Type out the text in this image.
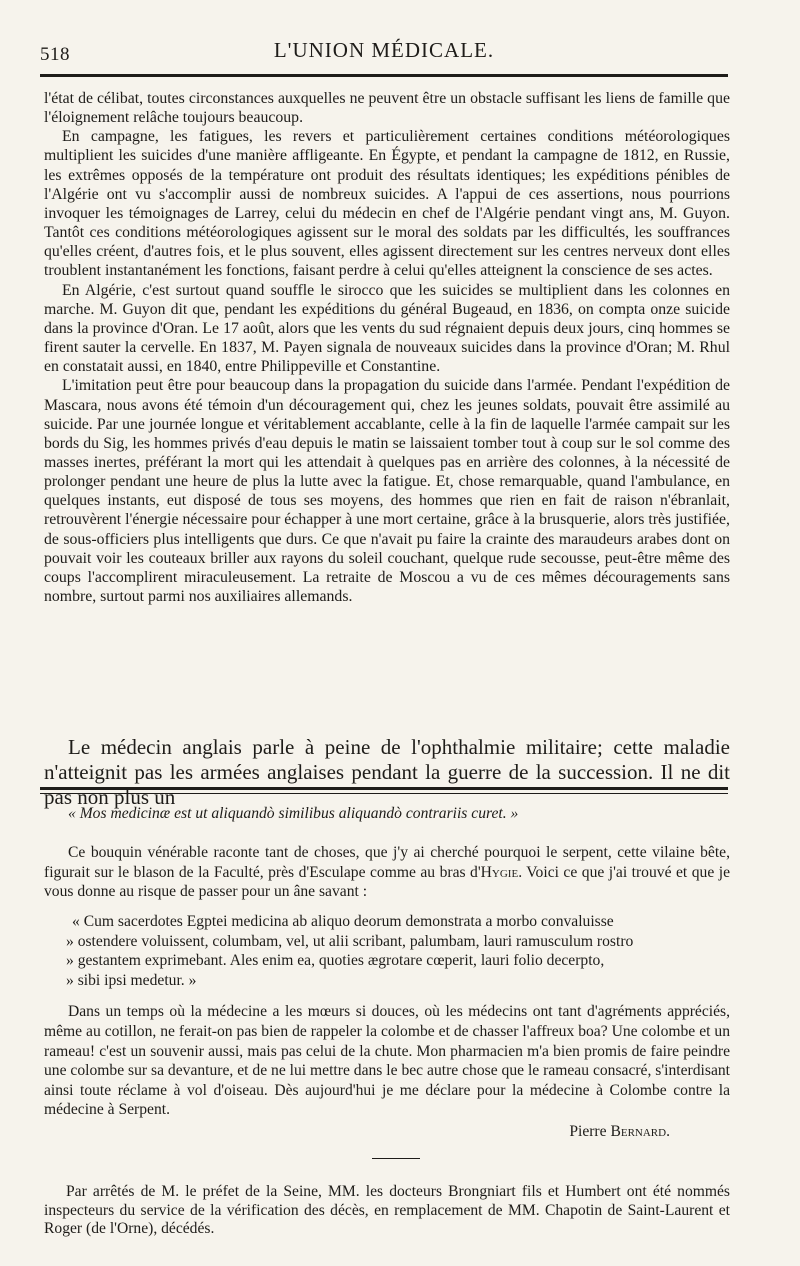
518	L'UNION MÉDICALE.

l'état de célibat, toutes circonstances auxquelles ne peuvent être un obstacle suffisant les liens de famille que l'éloignement relâche toujours beaucoup.

En campagne, les fatigues, les revers et particulièrement certaines conditions météorologiques multiplient les suicides d'une manière affligeante. En Égypte, et pendant la campagne de 1812, en Russie, les extrêmes opposés de la température ont produit des résultats identiques; les expéditions pénibles de l'Algérie ont vu s'accomplir aussi de nombreux suicides. A l'appui de ces assertions, nous pourrions invoquer les témoignages de Larrey, celui du médecin en chef de l'Algérie pendant vingt ans, M. Guyon. Tantôt ces conditions météorologiques agissent sur le moral des soldats par les difficultés, les souffrances qu'elles créent, d'autres fois, et le plus souvent, elles agissent directement sur les centres nerveux dont elles troublent instantanément les fonctions, faisant perdre à celui qu'elles atteignent la conscience de ses actes.

En Algérie, c'est surtout quand souffle le sirocco que les suicides se multiplient dans les colonnes en marche. M. Guyon dit que, pendant les expéditions du général Bugeaud, en 1836, on compta onze suicide dans la province d'Oran. Le 17 août, alors que les vents du sud régnaient depuis deux jours, cinq hommes se firent sauter la cervelle. En 1837, M. Payen signala de nouveaux suicides dans la province d'Oran; M. Rhul en constatait aussi, en 1840, entre Philippeville et Constantine.

L'imitation peut être pour beaucoup dans la propagation du suicide dans l'armée. Pendant l'expédition de Mascara, nous avons été témoin d'un découragement qui, chez les jeunes soldats, pouvait être assimilé au suicide. Par une journée longue et véritablement accablante, celle à la fin de laquelle l'armée campait sur les bords du Sig, les hommes privés d'eau depuis le matin se laissaient tomber tout à coup sur le sol comme des masses inertes, préférant la mort qui les attendait à quelques pas en arrière des colonnes, à la nécessité de prolonger pendant une heure de plus la lutte avec la fatigue. Et, chose remarquable, quand l'ambulance, en quelques instants, eut disposé de tous ses moyens, des hommes que rien en fait de raison n'ébranlait, retrouvèrent l'énergie nécessaire pour échapper à une mort certaine, grâce à la brusquerie, alors très justifiée, de sous-officiers plus intelligents que durs. Ce que n'avait pu faire la crainte des maraudeurs arabes dont on pouvait voir les couteaux briller aux rayons du soleil couchant, quelque rude secousse, peut-être même des coups l'accomplirent miraculeusement. La retraite de Moscou a vu de ces mêmes découragements sans nombre, surtout parmi nos auxiliaires allemands.

Le médecin anglais parle à peine de l'ophthalmie militaire; cette maladie n'atteignit pas les armées anglaises pendant la guerre de la succession. Il ne dit pas non plus un

« Mos medicinæ est ut aliquandò similibus aliquandò contrariis curet. »

Ce bouquin vénérable raconte tant de choses, que j'y ai cherché pourquoi le serpent, cette vilaine bête, figurait sur le blason de la Faculté, près d'Esculape comme au bras d'Hygie. Voici ce que j'ai trouvé et que je vous donne au risque de passer pour un âne savant :

« Cum sacerdotes Egptei medicina ab aliquo deorum demonstrata a morbo convaluisse

» ostendere voluissent, columbam, vel, ut alii scribant, palumbam, lauri ramusculum rostro

» gestantem exprimebant. Ales enim ea, quoties ægrotare cœperit, lauri folio decerpto,

» sibi ipsi medetur. »

Dans un temps où la médecine a les mœurs si douces, où les médecins ont tant d'agréments appréciés, même au cotillon, ne ferait-on pas bien de rappeler la colombe et de chasser l'affreux boa? Une colombe et un rameau! c'est un souvenir aussi, mais pas celui de la chute. Mon pharmacien m'a bien promis de faire peindre une colombe sur sa devanture, et de ne lui mettre dans le bec autre chose que le rameau consacré, s'interdisant ainsi toute réclame à vol d'oiseau. Dès aujourd'hui je me déclare pour la médecine à Colombe contre la médecine à Serpent.

Pierre Bernard.

Par arrêtés de M. le préfet de la Seine, MM. les docteurs Brongniart fils et Humbert ont été nommés inspecteurs du service de la vérification des décès, en remplacement de MM. Chapotin de Saint-Laurent et Roger (de l'Orne), décédés.
